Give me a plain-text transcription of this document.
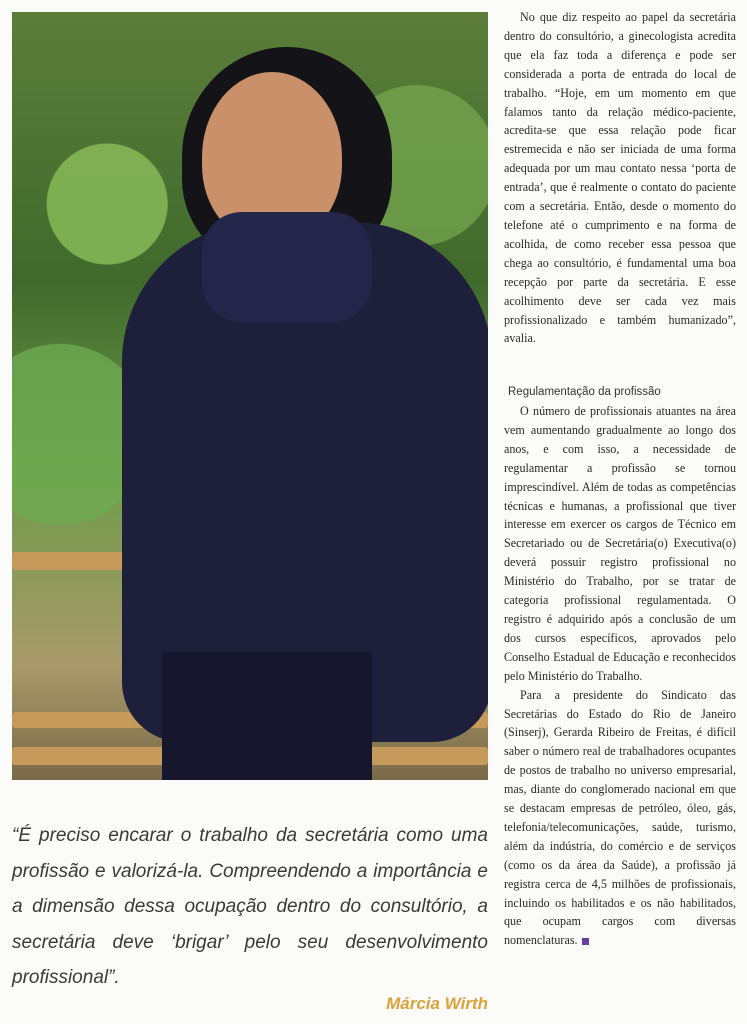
No que diz respeito ao papel da secretária dentro do consultório, a ginecologista acredita que ela faz toda a diferença e pode ser considerada a porta de entrada do local de trabalho. “Hoje, em um momento em que falamos tanto da relação médico-paciente, acredita-se que essa relação pode ficar estremecida e não ser iniciada de uma forma adequada por um mau contato nessa ‘porta de entrada’, que é realmente o contato do paciente com a secretária. Então, desde o momento do telefone até o cumprimento e na forma de acolhida, de como receber essa pessoa que chega ao consultório, é fundamental uma boa recepção por parte da secretária. E esse acolhimento deve ser cada vez mais profissionalizado e também humanizado”, avalia.

Regulamentação da profissão

O número de profissionais atuantes na área vem aumentando gradualmente ao longo dos anos, e com isso, a necessidade de regulamentar a profissão se tornou imprescindível. Além de todas as competências técnicas e humanas, a profissional que tiver interesse em exercer os cargos de Técnico em Secretariado ou de Secretária(o) Executiva(o) deverá possuir registro profissional no Ministério do Trabalho, por se tratar de categoria profissional regulamentada. O registro é adquirido após a conclusão de um dos cursos específicos, aprovados pelo Conselho Estadual de Educação e reconhecidos pelo Ministério do Trabalho.

Para a presidente do Sindicato das Secretárias do Estado do Rio de Janeiro (Sinserj), Gerarda Ribeiro de Freitas, é difícil saber o número real de trabalhadores ocupantes de postos de trabalho no universo empresarial, mas, diante do conglomerado nacional em que se destacam empresas de petróleo, óleo, gás, telefonia/telecomunicações, saúde, turismo, além da indústria, do comércio e de serviços (como os da área da Saúde), a profissão já registra cerca de 4,5 milhões de profissionais, incluindo os habilitados e os não habilitados, que ocupam cargos com diversas nomenclaturas.

“É preciso encarar o trabalho da secretária como uma profissão e valorizá-la. Compreendendo a importância e a dimensão dessa ocupação dentro do consultório, a secretária deve ‘brigar’ pelo seu desenvolvimento profissional”.
Márcia Wirth
